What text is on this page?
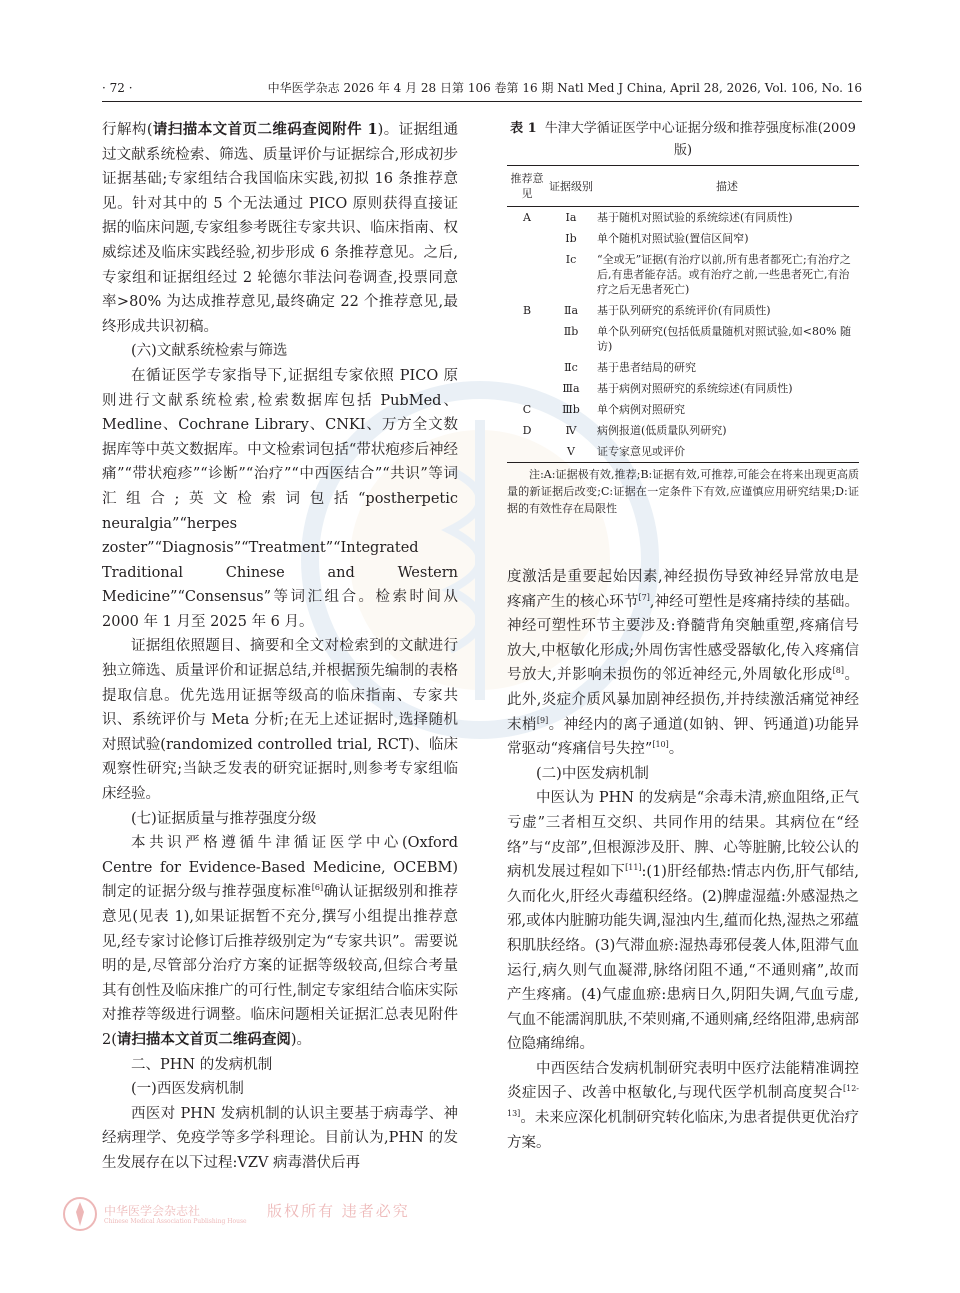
· 72 ·	中华医学杂志 2026 年 4 月 28 日第 106 卷第 16 期 Natl Med J China, April 28, 2026, Vol. 106, No. 16

行解构(请扫描本文首页二维码查阅附件 1)。证据组通过文献系统检索、筛选、质量评价与证据综合,形成初步证据基础;专家组结合我国临床实践,初拟 16 条推荐意见。针对其中的 5 个无法通过 PICO 原则获得直接证据的临床问题,专家组参考既往专家共识、临床指南、权威综述及临床实践经验,初步形成 6 条推荐意见。之后,专家组和证据组经过 2 轮德尔菲法问卷调查,投票同意率>80% 为达成推荐意见,最终确定 22 个推荐意见,最终形成共识初稿。

(六)文献系统检索与筛选

在循证医学专家指导下,证据组专家依照 PICO 原则进行文献系统检索,检索数据库包括 PubMed、Medline、Cochrane Library、CNKI、万方全文数据库等中英文数据库。中文检索词包括“带状疱疹后神经痛”“带状疱疹”“诊断”“治疗”“中西医结合”“共识”等词汇组合;英文检索词包括“postherpetic neuralgia”“herpes zoster”“Diagnosis”“Treatment”“Integrated Traditional Chinese and Western Medicine”“Consensus”等词汇组合。检索时间从 2000 年 1 月至 2025 年 6 月。

证据组依照题目、摘要和全文对检索到的文献进行独立筛选、质量评价和证据总结,并根据预先编制的表格提取信息。优先选用证据等级高的临床指南、专家共识、系统评价与 Meta 分析;在无上述证据时,选择随机对照试验(randomized controlled trial, RCT)、临床观察性研究;当缺乏发表的研究证据时,则参考专家组临床经验。

(七)证据质量与推荐强度分级

本共识严格遵循牛津循证医学中心(Oxford Centre for Evidence-Based Medicine, OCEBM)制定的证据分级与推荐强度标准[6]确认证据级别和推荐意见(见表 1),如果证据暂不充分,撰写小组提出推荐意见,经专家讨论修订后推荐级别定为“专家共识”。需要说明的是,尽管部分治疗方案的证据等级较高,但综合考量其有创性及临床推广的可行性,制定专家组结合临床实际对推荐等级进行调整。临床问题相关证据汇总表见附件 2(请扫描本文首页二维码查阅)。

二、PHN 的发病机制

(一)西医发病机制

西医对 PHN 发病机制的认识主要基于病毒学、神经病理学、免疫学等多学科理论。目前认为,PHN 的发生发展存在以下过程:VZV 病毒潜伏后再

表 1 牛津大学循证医学中心证据分级和推荐强度标准(2009 版)
推荐意见	证据级别	描述
A	Ⅰa	基于随机对照试验的系统综述(有同质性)
	Ⅰb	单个随机对照试验(置信区间窄)
	Ⅰc	“全或无”证据(有治疗以前,所有患者都死亡;有治疗之后,有患者能存活。或有治疗之前,一些患者死亡,有治疗之后无患者死亡)
B	Ⅱa	基于队列研究的系统评价(有同质性)
	Ⅱb	单个队列研究(包括低质量随机对照试验,如<80% 随访)
	Ⅱc	基于患者结局的研究
	Ⅲa	基于病例对照研究的系统综述(有同质性)
C	Ⅲb	单个病例对照研究
D	Ⅳ	病例报道(低质量队列研究)
	Ⅴ	证专家意见或评价
注:A:证据极有效,推荐;B:证据有效,可推荐,可能会在将来出现更高质量的新证据后改变;C:证据在一定条件下有效,应谨慎应用研究结果;D:证据的有效性存在局限性

度激活是重要起始因素,神经损伤导致神经异常放电是疼痛产生的核心环节[7],神经可塑性是疼痛持续的基础。神经可塑性环节主要涉及:脊髓背角突触重塑,疼痛信号放大,中枢敏化形成;外周伤害性感受器敏化,传入疼痛信号放大,并影响未损伤的邻近神经元,外周敏化形成[8]。此外,炎症介质风暴加剧神经损伤,并持续激活痛觉神经末梢[9]。神经内的离子通道(如钠、钾、钙通道)功能异常驱动“疼痛信号失控”[10]。

(二)中医发病机制

中医认为 PHN 的发病是“余毒未清,瘀血阻络,正气亏虚”三者相互交织、共同作用的结果。其病位在“经络”与“皮部”,但根源涉及肝、脾、心等脏腑,比较公认的病机发展过程如下[11]:(1)肝经郁热:情志内伤,肝气郁结,久而化火,肝经火毒蕴积经络。(2)脾虚湿蕴:外感湿热之邪,或体内脏腑功能失调,湿浊内生,蕴而化热,湿热之邪蕴积肌肤经络。(3)气滞血瘀:湿热毒邪侵袭人体,阻滞气血运行,病久则气血凝滞,脉络闭阻不通,“不通则痛”,故而产生疼痛。(4)气虚血瘀:患病日久,阴阳失调,气血亏虚,气血不能濡润肌肤,不荣则痛,不通则痛,经络阻滞,患病部位隐痛绵绵。

中西医结合发病机制研究表明中医疗法能精准调控炎症因子、改善中枢敏化,与现代医学机制高度契合[12-13]。未来应深化机制研究转化临床,为患者提供更优治疗方案。

中华医学会杂志社
Chinese Medical Association Publishing House
版权所有 违者必究
